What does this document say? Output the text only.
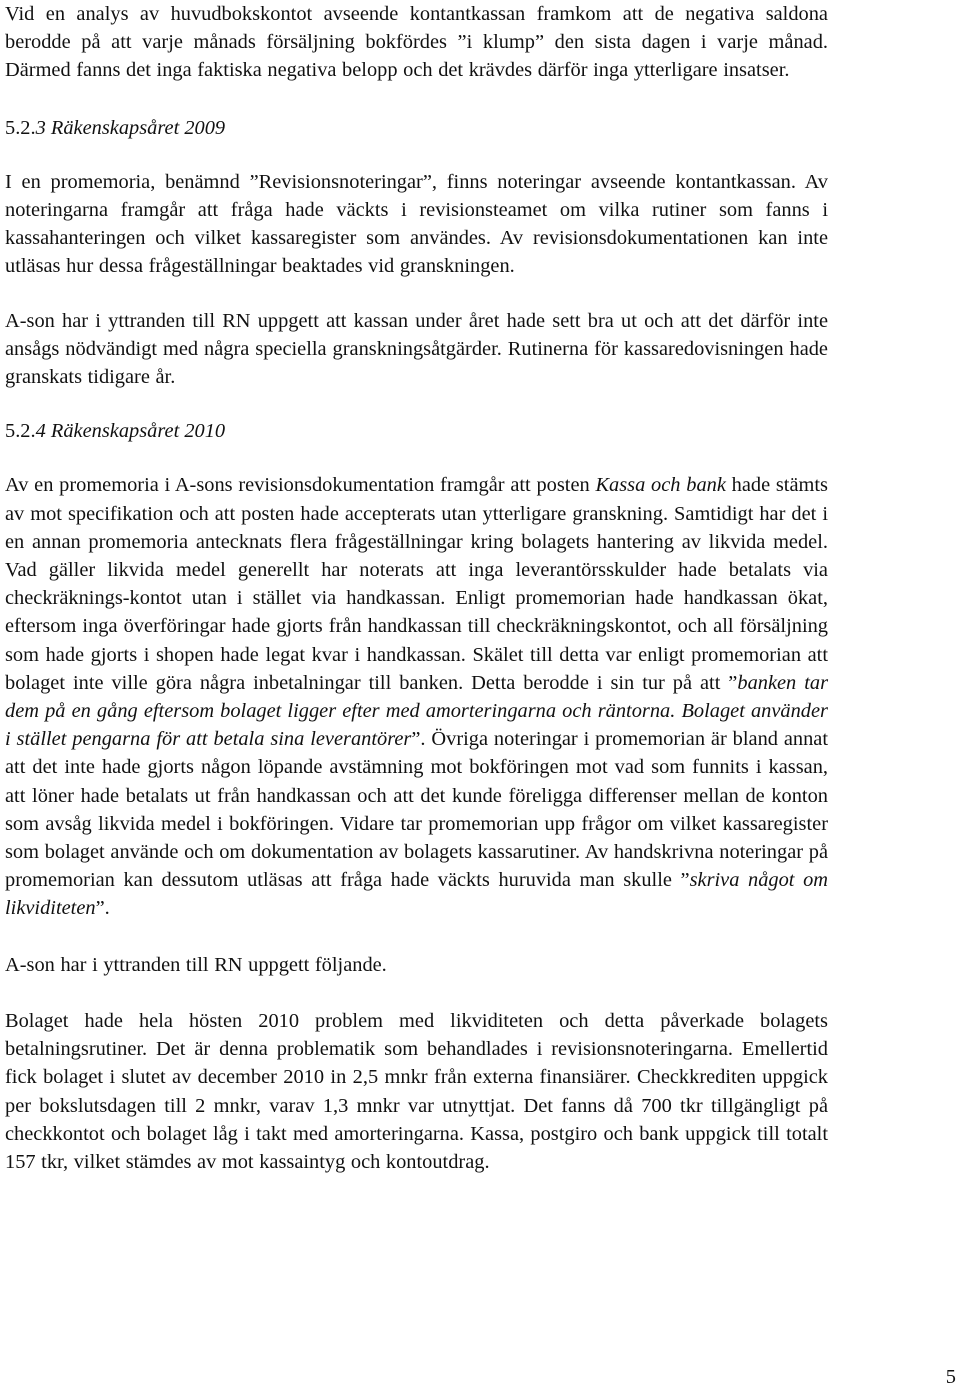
Vid en analys av huvudbokskontot avseende kontantkassan framkom att de negativa saldona berodde på att varje månads försäljning bokfördes ”i klump” den sista dagen i varje månad. Därmed fanns det inga faktiska negativa belopp och det krävdes därför inga ytterligare insatser.

5.2.3 Räkenskapsåret 2009

I en promemoria, benämnd ”Revisionsnoteringar”, finns noteringar avseende kontantkassan. Av noteringarna framgår att fråga hade väckts i revisionsteamet om vilka rutiner som fanns i kassahanteringen och vilket kassaregister som användes. Av revisionsdokumentationen kan inte utläsas hur dessa frågeställningar beaktades vid granskningen.

A-son har i yttranden till RN uppgett att kassan under året hade sett bra ut och att det därför inte ansågs nödvändigt med några speciella granskningsåtgärder. Rutinerna för kassaredovisningen hade granskats tidigare år.

5.2.4 Räkenskapsåret 2010

Av en promemoria i A-sons revisionsdokumentation framgår att posten Kassa och bank hade stämts av mot specifikation och att posten hade accepterats utan ytterligare granskning. Samtidigt har det i en annan promemoria antecknats flera frågeställningar kring bolagets hantering av likvida medel. Vad gäller likvida medel generellt har noterats att inga leverantörsskulder hade betalats via checkräknings-kontot utan i stället via handkassan. Enligt promemorian hade handkassan ökat, eftersom inga överföringar hade gjorts från handkassan till checkräkningskontot, och all försäljning som hade gjorts i shopen hade legat kvar i handkassan. Skälet till detta var enligt promemorian att bolaget inte ville göra några inbetalningar till banken. Detta berodde i sin tur på att ”banken tar dem på en gång eftersom bolaget ligger efter med amorteringarna och räntorna. Bolaget använder i stället pengarna för att betala sina leverantörer”. Övriga noteringar i promemorian är bland annat att det inte hade gjorts någon löpande avstämning mot bokföringen mot vad som funnits i kassan, att löner hade betalats ut från handkassan och att det kunde föreligga differenser mellan de konton som avsåg likvida medel i bokföringen. Vidare tar promemorian upp frågor om vilket kassaregister som bolaget använde och om dokumentation av bolagets kassarutiner. Av handskrivna noteringar på promemorian kan dessutom utläsas att fråga hade väckts huruvida man skulle ”skriva något om likviditeten”.

A-son har i yttranden till RN uppgett följande.

Bolaget hade hela hösten 2010 problem med likviditeten och detta påverkade bolagets betalningsrutiner. Det är denna problematik som behandlades i revisionsnoteringarna. Emellertid fick bolaget i slutet av december 2010 in 2,5 mnkr från externa finansiärer. Checkkrediten uppgick per bokslutsdagen till 2 mnkr, varav 1,3 mnkr var utnyttjat. Det fanns då 700 tkr tillgängligt på checkkontot och bolaget låg i takt med amorteringarna. Kassa, postgiro och bank uppgick till totalt 157 tkr, vilket stämdes av mot kassaintyg och kontoutdrag.

5
